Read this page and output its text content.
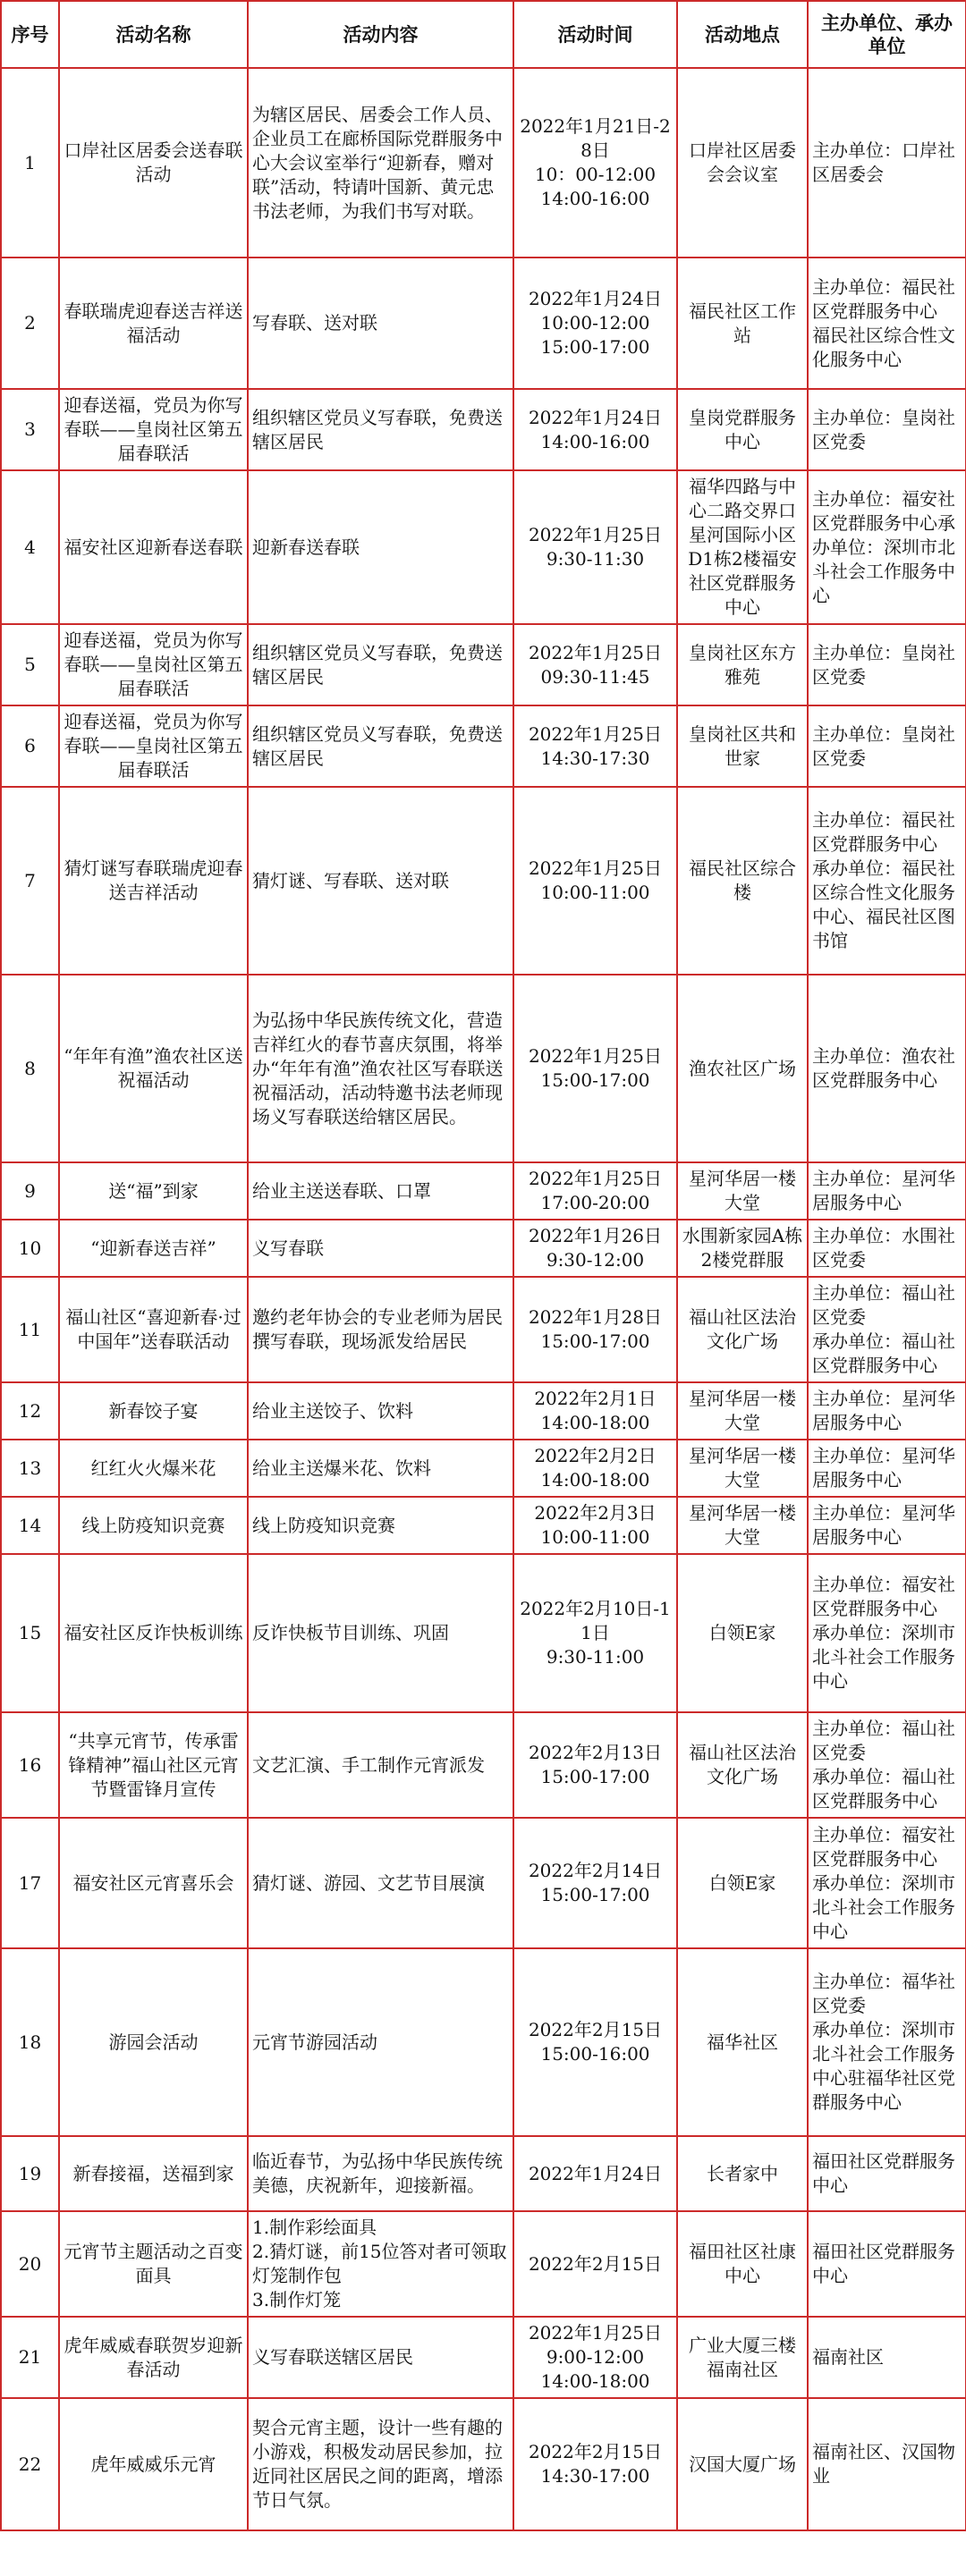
序号	活动名称	活动内容	活动时间	活动地点	主办单位、承办单位
1	口岸社区居委会送春联活动	为辖区居民、居委会工作人员、企业员工在廊桥国际党群服务中心大会议室举行“迎新春，赠对联”活动，特请叶国新、黄元忠书法老师，为我们书写对联。	2022年1月21日-28日
10：00-12:00
14:00-16:00	口岸社区居委会会议室	主办单位：口岸社区居委会
2	春联瑞虎迎春送吉祥送福活动	写春联、送对联	2022年1月24日
10:00-12:00
15:00-17:00	福民社区工作站	主办单位：福民社区党群服务中心
福民社区综合性文化服务中心
3	迎春送福，党员为你写春联——皇岗社区第五届春联活	组织辖区党员义写春联，免费送辖区居民	2022年1月24日
14:00-16:00	皇岗党群服务中心	主办单位：皇岗社区党委
4	福安社区迎新春送春联	迎新春送春联	2022年1月25日
9:30-11:30	福华四路与中心二路交界口星河国际小区D1栋2楼福安社区党群服务中心	主办单位：福安社区党群服务中心承办单位：深圳市北斗社会工作服务中心
5	迎春送福，党员为你写春联——皇岗社区第五届春联活	组织辖区党员义写春联，免费送辖区居民	2022年1月25日
09:30-11:45	皇岗社区东方雅苑	主办单位：皇岗社区党委
6	迎春送福，党员为你写春联——皇岗社区第五届春联活	组织辖区党员义写春联，免费送辖区居民	2022年1月25日
14:30-17:30	皇岗社区共和世家	主办单位：皇岗社区党委
7	猜灯谜写春联瑞虎迎春送吉祥活动	猜灯谜、写春联、送对联	2022年1月25日
10:00-11:00	福民社区综合楼	主办单位：福民社区党群服务中心
承办单位：福民社区综合性文化服务中心、福民社区图书馆
8	“年年有渔”渔农社区送祝福活动	为弘扬中华民族传统文化，营造吉祥红火的春节喜庆氛围，将举办“年年有渔”渔农社区写春联送祝福活动，活动特邀书法老师现场义写春联送给辖区居民。	2022年1月25日
15:00-17:00	渔农社区广场	主办单位：渔农社区党群服务中心
9	送“福”到家	给业主送送春联、口罩	2022年1月25日
17:00-20:00	星河华居一楼大堂	主办单位：星河华居服务中心
10	“迎新春送吉祥”	义写春联	2022年1月26日
9:30-12:00	水围新家园A栋2楼党群服	主办单位：水围社区党委
11	福山社区“喜迎新春·过中国年”送春联活动	邀约老年协会的专业老师为居民撰写春联，现场派发给居民	2022年1月28日
15:00-17:00	福山社区法治文化广场	主办单位：福山社区党委
承办单位：福山社区党群服务中心
12	新春饺子宴	给业主送饺子、饮料	2022年2月1日
14:00-18:00	星河华居一楼大堂	主办单位：星河华居服务中心
13	红红火火爆米花	给业主送爆米花、饮料	2022年2月2日
14:00-18:00	星河华居一楼大堂	主办单位：星河华居服务中心
14	线上防疫知识竞赛	线上防疫知识竞赛	2022年2月3日
10:00-11:00	星河华居一楼大堂	主办单位：星河华居服务中心
15	福安社区反诈快板训练	反诈快板节目训练、巩固	2022年2月10日-11日
9:30-11:00	白领E家	主办单位：福安社区党群服务中心
承办单位：深圳市北斗社会工作服务中心
16	“共享元宵节，传承雷锋精神”福山社区元宵节暨雷锋月宣传	文艺汇演、手工制作元宵派发	2022年2月13日
15:00-17:00	福山社区法治文化广场	主办单位：福山社区党委
承办单位：福山社区党群服务中心
17	福安社区元宵喜乐会	猜灯谜、游园、文艺节目展演	2022年2月14日
15:00-17:00	白领E家	主办单位：福安社区党群服务中心
承办单位：深圳市北斗社会工作服务中心
18	游园会活动	元宵节游园活动	2022年2月15日
15:00-16:00	福华社区	主办单位：福华社区党委
承办单位：深圳市北斗社会工作服务中心驻福华社区党群服务中心
19	新春接福，送福到家	临近春节，为弘扬中华民族传统美德，庆祝新年，迎接新福。	2022年1月24日	长者家中	福田社区党群服务中心
20	元宵节主题活动之百变面具	1.制作彩绘面具
2.猜灯谜，前15位答对者可领取灯笼制作包
3.制作灯笼	2022年2月15日	福田社区社康中心	福田社区党群服务中心
21	虎年威威春联贺岁迎新春活动	义写春联送辖区居民	2022年1月25日
9:00-12:00
14:00-18:00	广业大厦三楼福南社区	福南社区
22	虎年威威乐元宵	契合元宵主题，设计一些有趣的小游戏，积极发动居民参加，拉近同社区居民之间的距离，增添节日气氛。	2022年2月15日
14:30-17:00	汉国大厦广场	福南社区、汉国物业
